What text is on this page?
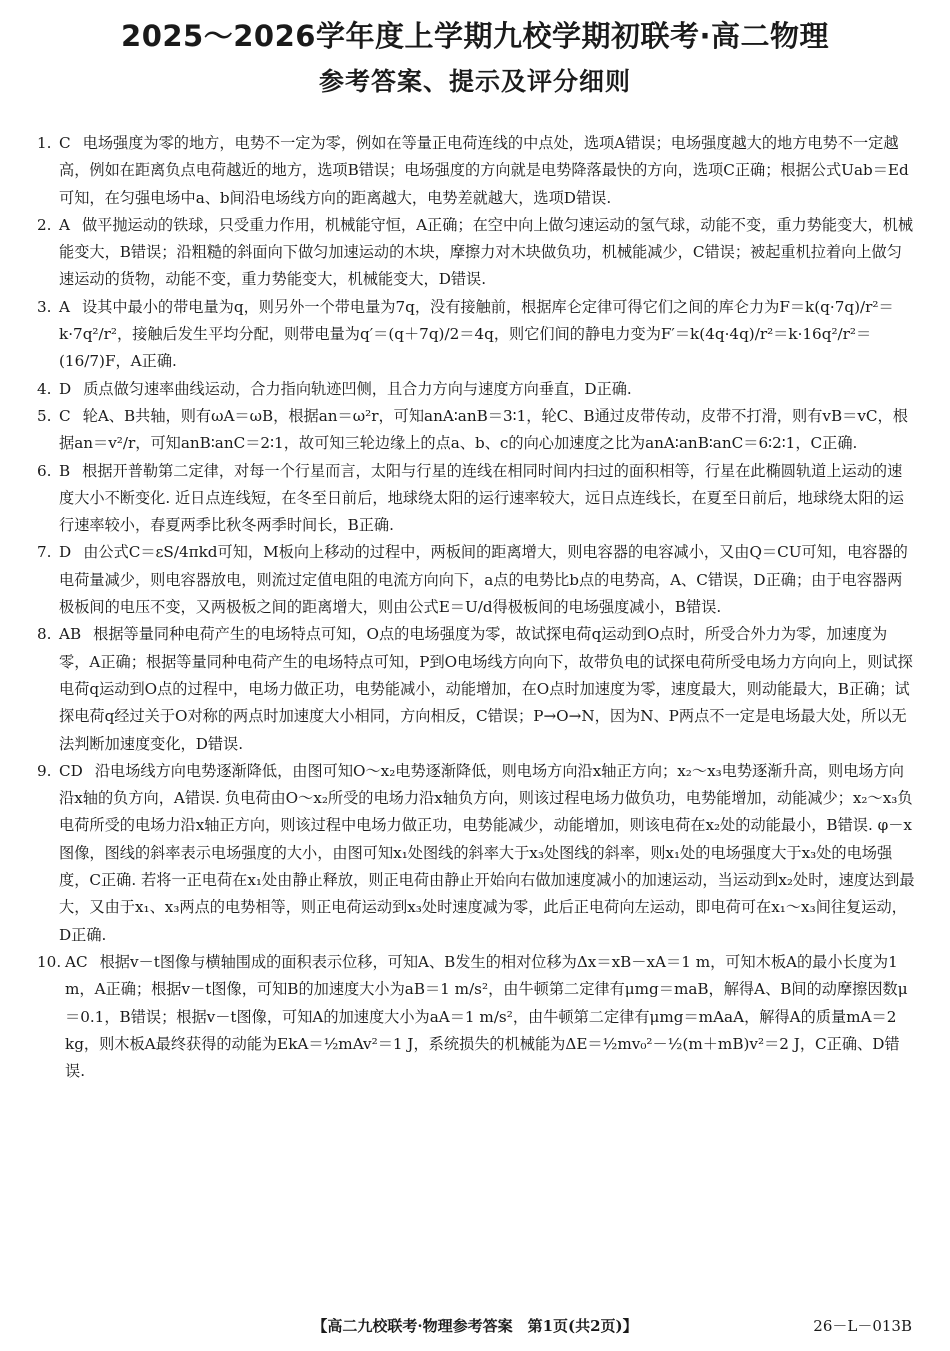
2025～2026学年度上学期九校学期初联考·高二物理
参考答案、提示及评分细则
1. C 电场强度为零的地方，电势不一定为零，例如在等量正电荷连线的中点处，选项A错误；电场强度越大的地方电势不一定越高，例如在距离负点电荷越近的地方，选项B错误；电场强度的方向就是电势降落最快的方向，选项C正确；根据公式Uab＝Ed可知，在匀强电场中a、b间沿电场线方向的距离越大，电势差就越大，选项D错误.
2. A 做平抛运动的铁球，只受重力作用，机械能守恒，A正确；在空中向上做匀速运动的氢气球，动能不变，重力势能变大，机械能变大，B错误；沿粗糙的斜面向下做匀加速运动的木块，摩擦力对木块做负功，机械能减少，C错误；被起重机拉着向上做匀速运动的货物，动能不变，重力势能变大，机械能变大，D错误.
3. A 设其中最小的带电量为q，则另外一个带电量为7q，没有接触前，根据库仑定律可得它们之间的库仑力为F＝k(q·7q)/r²＝k·7q²/r²，接触后发生平均分配，则带电量为q′＝(q＋7q)/2＝4q，则它们间的静电力变为F′＝k(4q·4q)/r²＝k·16q²/r²＝(16/7)F，A正确.
4. D 质点做匀速率曲线运动，合力指向轨迹凹侧，且合力方向与速度方向垂直，D正确.
5. C 轮A、B共轴，则有ωA＝ωB，根据an＝ω²r，可知anA∶anB＝3∶1，轮C、B通过皮带传动，皮带不打滑，则有vB＝vC，根据an＝v²/r，可知anB∶anC＝2∶1，故可知三轮边缘上的点a、b、c的向心加速度之比为anA∶anB∶anC＝6∶2∶1，C正确.
6. B 根据开普勒第二定律，对每一个行星而言，太阳与行星的连线在相同时间内扫过的面积相等，行星在此椭圆轨道上运动的速度大小不断变化. 近日点连线短，在冬至日前后，地球绕太阳的运行速率较大，远日点连线长，在夏至日前后，地球绕太阳的运行速率较小，春夏两季比秋冬两季时间长，B正确.
7. D 由公式C＝εS/4πkd可知，M板向上移动的过程中，两板间的距离增大，则电容器的电容减小，又由Q＝CU可知，电容器的电荷量减少，则电容器放电，则流过定值电阻的电流方向向下，a点的电势比b点的电势高，A、C错误，D正确；由于电容器两极板间的电压不变，又两极板之间的距离增大，则由公式E＝U/d得极板间的电场强度减小，B错误.
8. AB 根据等量同种电荷产生的电场特点可知，O点的电场强度为零，故试探电荷q运动到O点时，所受合外力为零，加速度为零，A正确；根据等量同种电荷产生的电场特点可知，P到O电场线方向向下，故带负电的试探电荷所受电场力方向向上，则试探电荷q运动到O点的过程中，电场力做正功，电势能减小，动能增加，在O点时加速度为零，速度最大，则动能最大，B正确；试探电荷q经过关于O对称的两点时加速度大小相同，方向相反，C错误；P→O→N，因为N、P两点不一定是电场最大处，所以无法判断加速度变化，D错误.
9. CD 沿电场线方向电势逐渐降低，由图可知O～x₂电势逐渐降低，则电场方向沿x轴正方向；x₂～x₃电势逐渐升高，则电场方向沿x轴的负方向，A错误. 负电荷由O～x₂所受的电场力沿x轴负方向，则该过程电场力做负功，电势能增加，动能减少；x₂～x₃负电荷所受的电场力沿x轴正方向，则该过程中电场力做正功，电势能减少，动能增加，则该电荷在x₂处的动能最小，B错误. φ－x图像，图线的斜率表示电场强度的大小，由图可知x₁处图线的斜率大于x₃处图线的斜率，则x₁处的电场强度大于x₃处的电场强度，C正确. 若将一正电荷在x₁处由静止释放，则正电荷由静止开始向右做加速度减小的加速运动，当运动到x₂处时，速度达到最大，又由于x₁、x₃两点的电势相等，则正电荷运动到x₃处时速度减为零，此后正电荷向左运动，即电荷可在x₁～x₃间往复运动，D正确.
10. AC 根据v－t图像与横轴围成的面积表示位移，可知A、B发生的相对位移为Δx＝xB－xA＝1 m，可知木板A的最小长度为1 m，A正确；根据v－t图像，可知B的加速度大小为aB＝1 m/s²，由牛顿第二定律有μmg＝maB，解得A、B间的动摩擦因数μ＝0.1，B错误；根据v－t图像，可知A的加速度大小为aA＝1 m/s²，由牛顿第二定律有μmg＝mAaA，解得A的质量mA＝2 kg，则木板A最终获得的动能为EkA＝½mAv²＝1 J，系统损失的机械能为ΔE＝½mv₀²－½(m＋mB)v²＝2 J，C正确、D错误.
【高二九校联考·物理参考答案　第1页(共2页)】	26－L－013B
